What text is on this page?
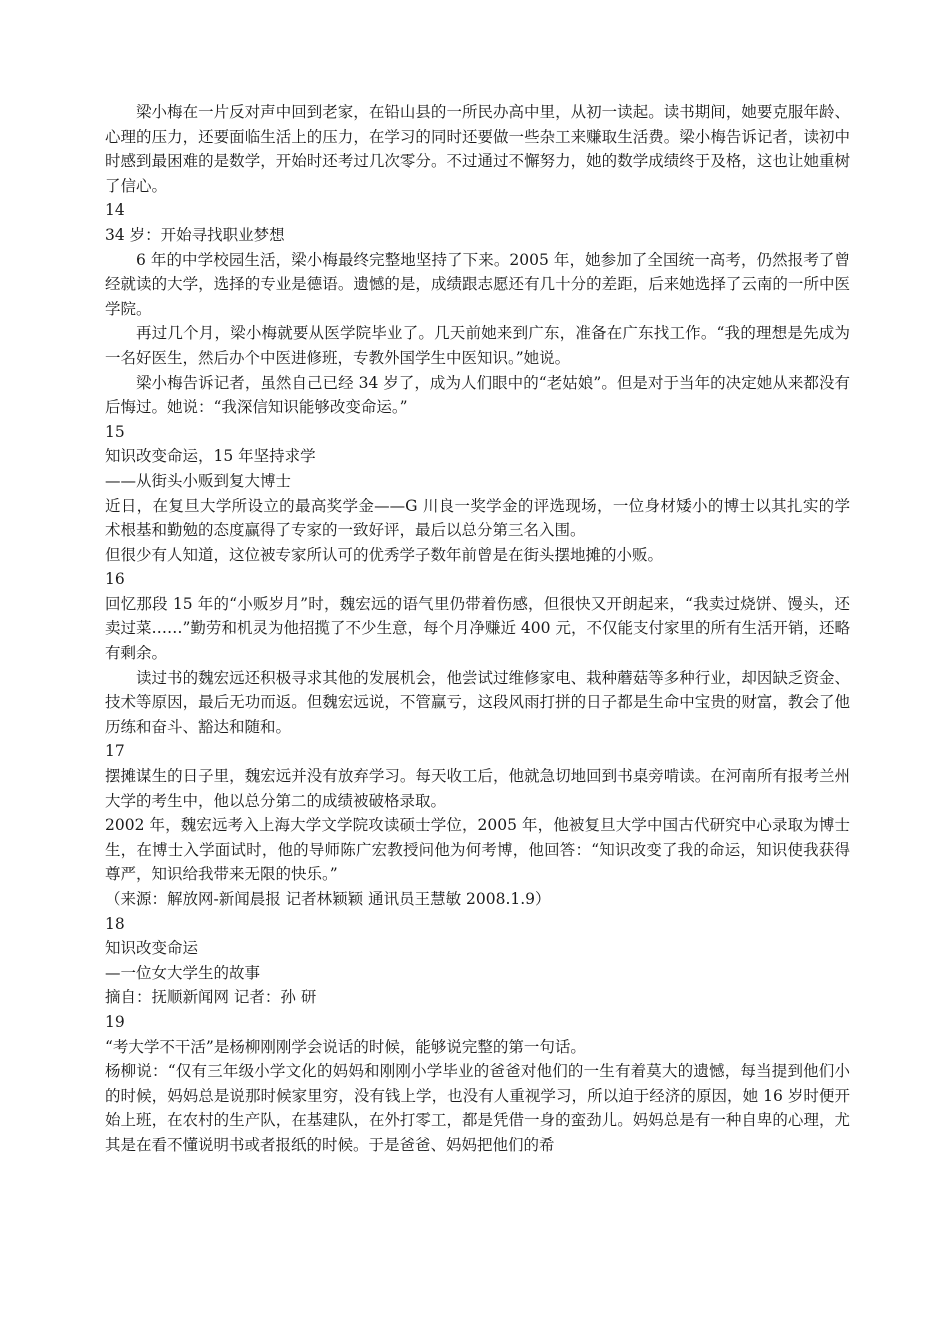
梁小梅在一片反对声中回到老家，在铅山县的一所民办高中里，从初一读起。读书期间，她要克服年龄、心理的压力，还要面临生活上的压力，在学习的同时还要做一些杂工来赚取生活费。梁小梅告诉记者，读初中时感到最困难的是数学，开始时还考过几次零分。不过通过不懈努力，她的数学成绩终于及格，这也让她重树了信心。

14

34 岁：开始寻找职业梦想

6 年的中学校园生活，梁小梅最终完整地坚持了下来。2005 年，她参加了全国统一高考，仍然报考了曾经就读的大学，选择的专业是德语。遗憾的是，成绩跟志愿还有几十分的差距，后来她选择了云南的一所中医学院。

再过几个月，梁小梅就要从医学院毕业了。几天前她来到广东，准备在广东找工作。“我的理想是先成为一名好医生，然后办个中医进修班，专教外国学生中医知识。”她说。

梁小梅告诉记者，虽然自己已经 34 岁了，成为人们眼中的“老姑娘”。但是对于当年的决定她从来都没有后悔过。她说：“我深信知识能够改变命运。”

15

知识改变命运，15 年坚持求学

——从街头小贩到复大博士

近日，在复旦大学所设立的最高奖学金——G 川良一奖学金的评选现场，一位身材矮小的博士以其扎实的学术根基和勤勉的态度赢得了专家的一致好评，最后以总分第三名入围。

但很少有人知道，这位被专家所认可的优秀学子数年前曾是在街头摆地摊的小贩。

16

回忆那段 15 年的“小贩岁月”时，魏宏远的语气里仍带着伤感，但很快又开朗起来，“我卖过烧饼、馒头，还卖过菜……”勤劳和机灵为他招揽了不少生意，每个月净赚近 400 元，不仅能支付家里的所有生活开销，还略有剩余。

读过书的魏宏远还积极寻求其他的发展机会，他尝试过维修家电、栽种蘑菇等多种行业，却因缺乏资金、技术等原因，最后无功而返。但魏宏远说，不管赢亏，这段风雨打拼的日子都是生命中宝贵的财富，教会了他历练和奋斗、豁达和随和。

17

摆摊谋生的日子里，魏宏远并没有放弃学习。每天收工后，他就急切地回到书桌旁啃读。在河南所有报考兰州大学的考生中，他以总分第二的成绩被破格录取。

2002 年，魏宏远考入上海大学文学院攻读硕士学位，2005 年，他被复旦大学中国古代研究中心录取为博士生，在博士入学面试时，他的导师陈广宏教授问他为何考博，他回答：“知识改变了我的命运，知识使我获得尊严，知识给我带来无限的快乐。”

（来源：解放网-新闻晨报 记者林颖颖 通讯员王慧敏 2008.1.9）

18

知识改变命运

—一位女大学生的故事

摘自：抚顺新闻网 记者：孙 研

19

“考大学不干活”是杨柳刚刚学会说话的时候，能够说完整的第一句话。

杨柳说：“仅有三年级小学文化的妈妈和刚刚小学毕业的爸爸对他们的一生有着莫大的遗憾，每当提到他们小的时候，妈妈总是说那时候家里穷，没有钱上学，也没有人重视学习，所以迫于经济的原因，她 16 岁时便开始上班，在农村的生产队，在基建队，在外打零工，都是凭借一身的蛮劲儿。妈妈总是有一种自卑的心理，尤其是在看不懂说明书或者报纸的时候。于是爸爸、妈妈把他们的希
